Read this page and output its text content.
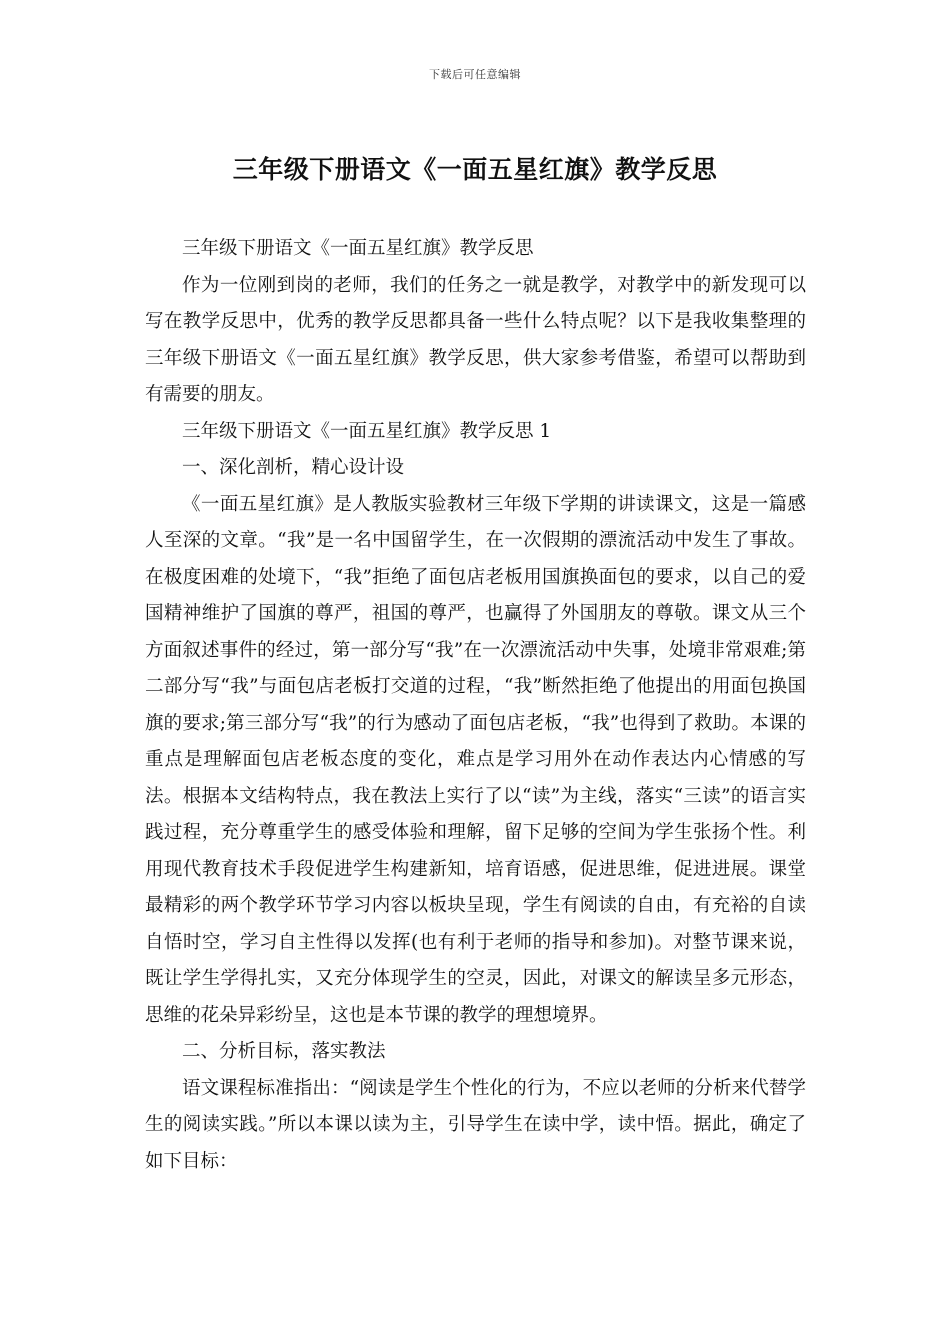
下载后可任意编辑
三年级下册语文《一面五星红旗》教学反思

三年级下册语文《一面五星红旗》教学反思

作为一位刚到岗的老师，我们的任务之一就是教学，对教学中的新发现可以写在教学反思中，优秀的教学反思都具备一些什么特点呢？以下是我收集整理的三年级下册语文《一面五星红旗》教学反思，供大家参考借鉴，希望可以帮助到有需要的朋友。

三年级下册语文《一面五星红旗》教学反思 1

一、深化剖析，精心设计设

《一面五星红旗》是人教版实验教材三年级下学期的讲读课文，这是一篇感人至深的文章。“我”是一名中国留学生，在一次假期的漂流活动中发生了事故。在极度困难的处境下，“我”拒绝了面包店老板用国旗换面包的要求，以自己的爱国精神维护了国旗的尊严，祖国的尊严，也赢得了外国朋友的尊敬。课文从三个方面叙述事件的经过，第一部分写“我”在一次漂流活动中失事，处境非常艰难;第二部分写“我”与面包店老板打交道的过程，“我”断然拒绝了他提出的用面包换国旗的要求;第三部分写“我”的行为感动了面包店老板，“我”也得到了救助。本课的重点是理解面包店老板态度的变化，难点是学习用外在动作表达内心情感的写法。根据本文结构特点，我在教法上实行了以“读”为主线，落实“三读”的语言实践过程，充分尊重学生的感受体验和理解，留下足够的空间为学生张扬个性。利用现代教育技术手段促进学生构建新知，培育语感，促进思维，促进进展。课堂最精彩的两个教学环节学习内容以板块呈现，学生有阅读的自由，有充裕的自读自悟时空，学习自主性得以发挥(也有利于老师的指导和参加)。对整节课来说，既让学生学得扎实，又充分体现学生的空灵，因此，对课文的解读呈多元形态，思维的花朵异彩纷呈，这也是本节课的教学的理想境界。

二、分析目标，落实教法

语文课程标准指出：“阅读是学生个性化的行为，不应以老师的分析来代替学生的阅读实践。”所以本课以读为主，引导学生在读中学，读中悟。据此，确定了如下目标：
